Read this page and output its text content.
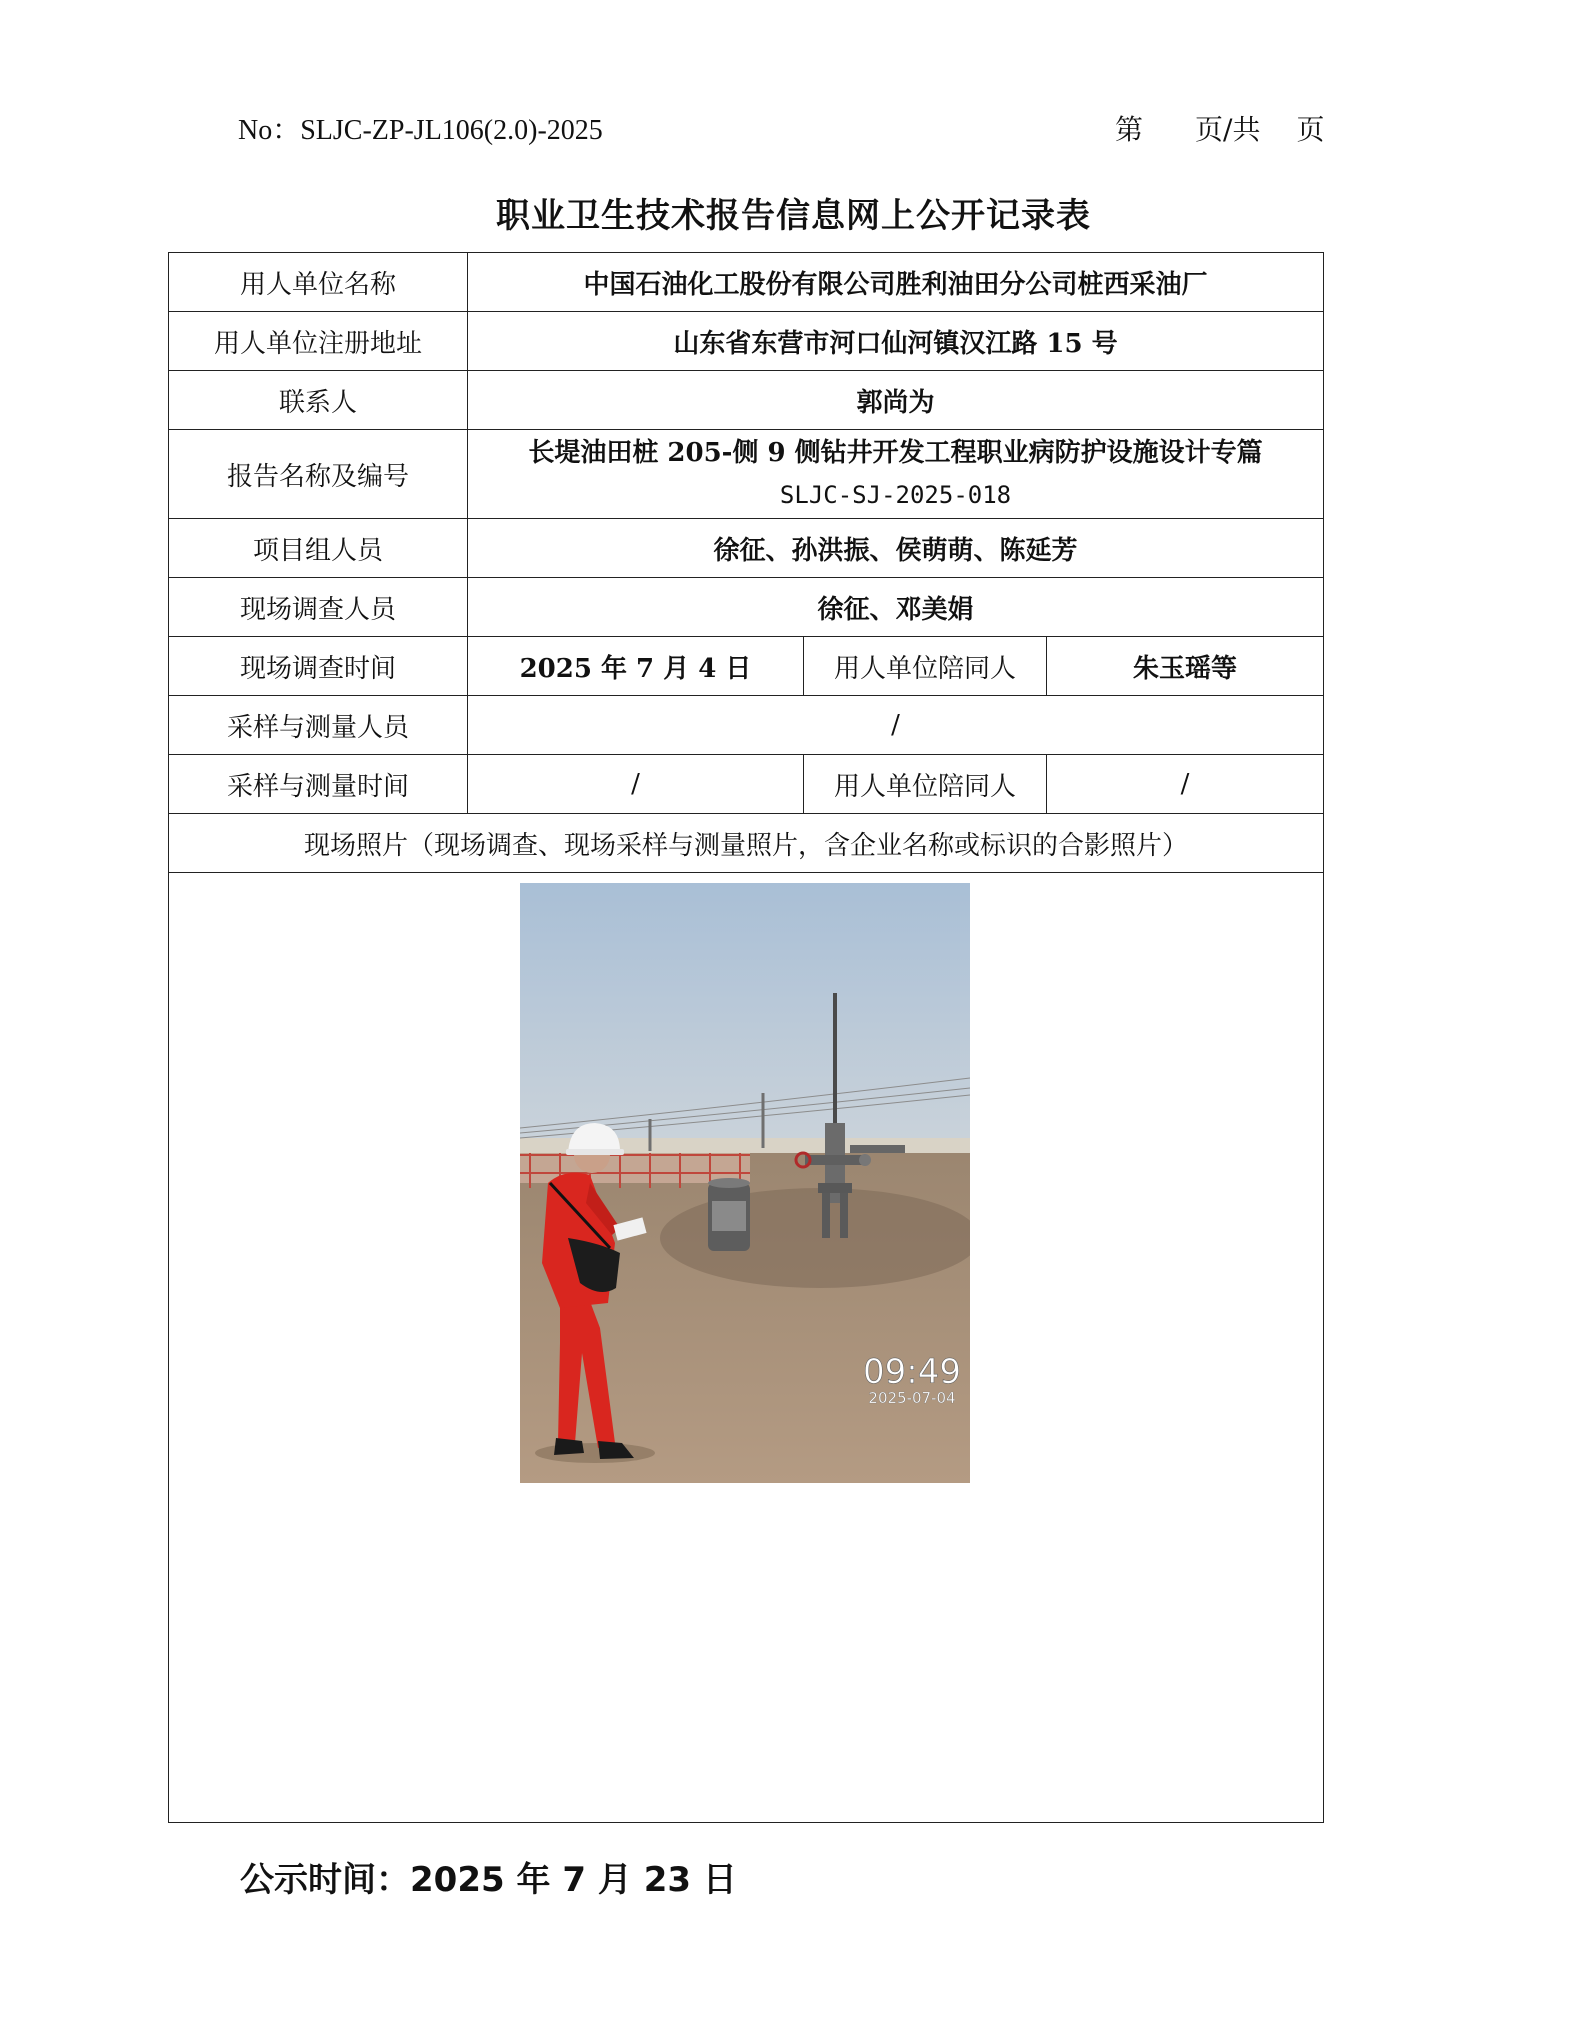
No：SLJC-ZP-JL106(2.0)-2025	第 页/共 页
职业卫生技术报告信息网上公开记录表
用人单位名称	中国石油化工股份有限公司胜利油田分公司桩西采油厂		
用人单位注册地址	山东省东营市河口仙河镇汉江路 15 号		
联系人	郭尚为		
报告名称及编号	长堤油田桩 205-侧 9 侧钻井开发工程职业病防护设施设计专篇
SLJC-SJ-2025-018		

项目组人员	徐征、孙洪振、侯萌萌、陈延芳		
现场调查人员	徐征、邓美娟		
现场调查时间	2025 年 7 月 4 日	用人单位陪同人	朱玉瑶等
采样与测量人员	/		
采样与测量时间	/	用人单位陪同人	/
现场照片（现场调查、现场采样与测量照片，含企业名称或标识的合影照片）			

09:49
2025-07-04			
公示时间：2025 年 7 月 23 日
